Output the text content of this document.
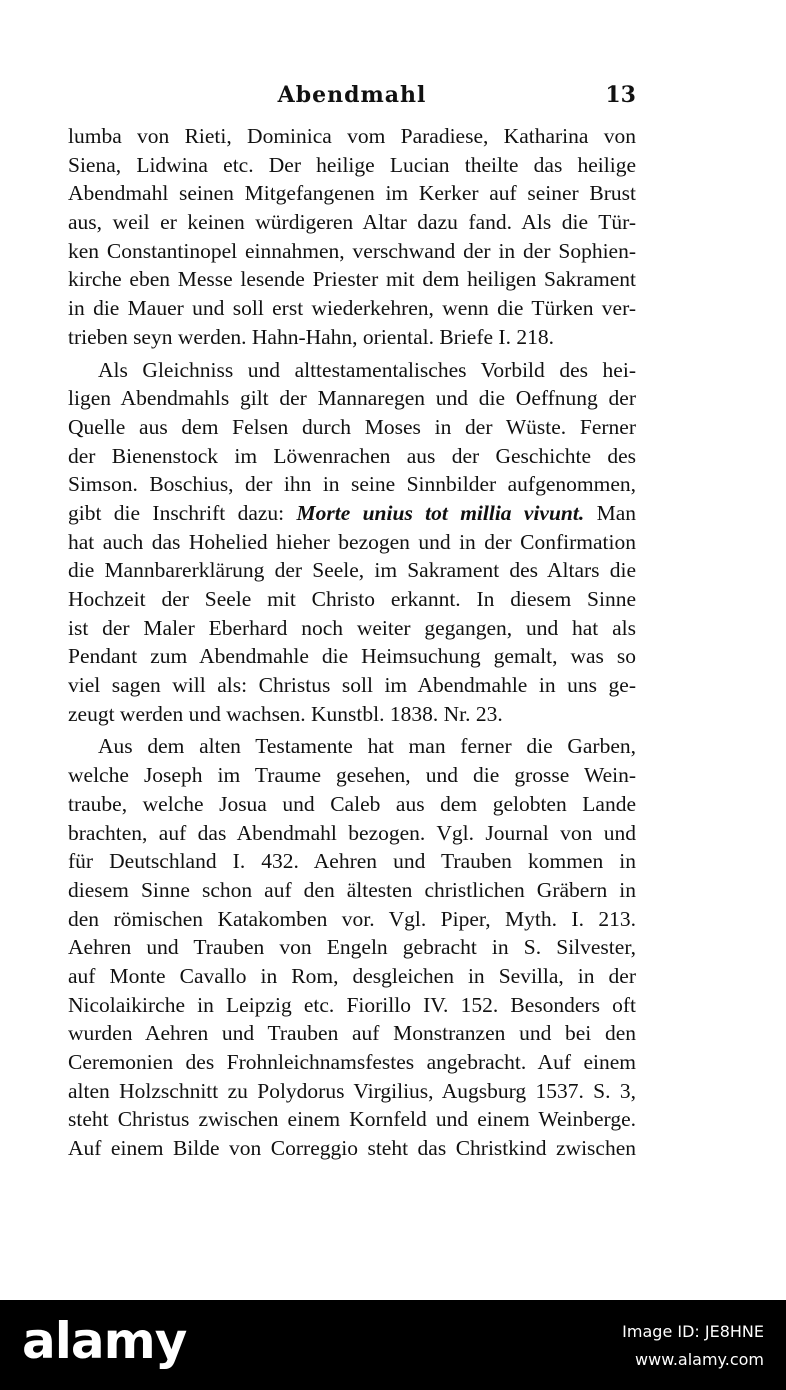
Abendmahl	13
lumba von Rieti, Dominica vom Paradiese, Katharina von
Siena, Lidwina etc. Der heilige Lucian theilte das heilige
Abendmahl seinen Mitgefangenen im Kerker auf seiner Brust
aus, weil er keinen würdigeren Altar dazu fand. Als die Tür-
ken Constantinopel einnahmen, verschwand der in der Sophien-
kirche eben Messe lesende Priester mit dem heiligen Sakrament
in die Mauer und soll erst wiederkehren, wenn die Türken ver-
trieben seyn werden. Hahn-Hahn, oriental. Briefe I. 218.
Als Gleichniss und alttestamentalisches Vorbild des hei-
ligen Abendmahls gilt der Mannaregen und die Oeffnung der
Quelle aus dem Felsen durch Moses in der Wüste. Ferner
der Bienenstock im Löwenrachen aus der Geschichte des
Simson. Boschius, der ihn in seine Sinnbilder aufgenommen,
gibt die Inschrift dazu: Morte unius tot millia vivunt. Man
hat auch das Hohelied hieher bezogen und in der Confirmation
die Mannbarerklärung der Seele, im Sakrament des Altars die
Hochzeit der Seele mit Christo erkannt. In diesem Sinne
ist der Maler Eberhard noch weiter gegangen, und hat als
Pendant zum Abendmahle die Heimsuchung gemalt, was so
viel sagen will als: Christus soll im Abendmahle in uns ge-
zeugt werden und wachsen. Kunstbl. 1838. Nr. 23.
Aus dem alten Testamente hat man ferner die Garben,
welche Joseph im Traume gesehen, und die grosse Wein-
traube, welche Josua und Caleb aus dem gelobten Lande
brachten, auf das Abendmahl bezogen. Vgl. Journal von und
für Deutschland I. 432. Aehren und Trauben kommen in
diesem Sinne schon auf den ältesten christlichen Gräbern in
den römischen Katakomben vor. Vgl. Piper, Myth. I. 213.
Aehren und Trauben von Engeln gebracht in S. Silvester,
auf Monte Cavallo in Rom, desgleichen in Sevilla, in der
Nicolaikirche in Leipzig etc. Fiorillo IV. 152. Besonders oft
wurden Aehren und Trauben auf Monstranzen und bei den
Ceremonien des Frohnleichnamsfestes angebracht. Auf einem
alten Holzschnitt zu Polydorus Virgilius, Augsburg 1537. S. 3,
steht Christus zwischen einem Kornfeld und einem Weinberge.
Auf einem Bilde von Correggio steht das Christkind zwischen
alamy	Image ID: JE8HNE
www.alamy.com
